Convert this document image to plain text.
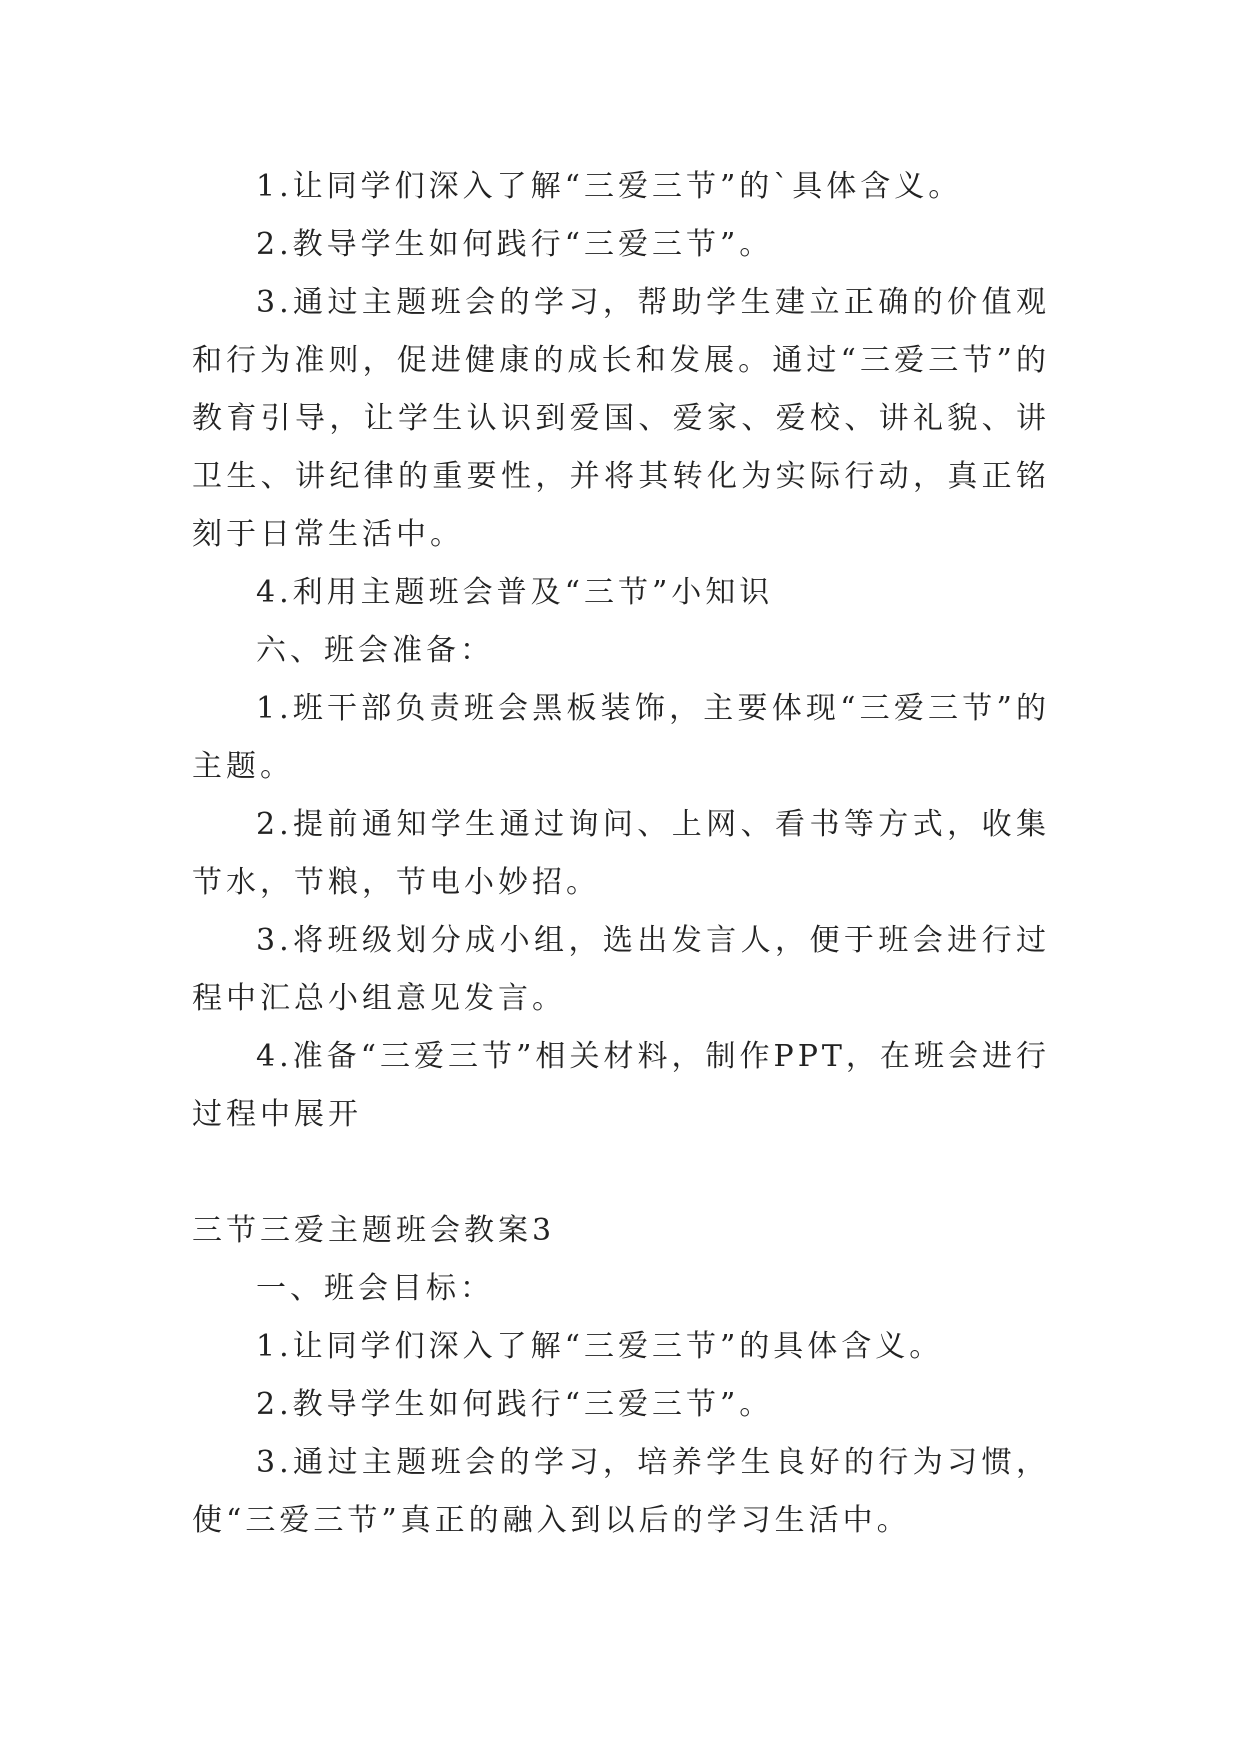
1.让同学们深入了解“三爱三节”的`具体含义。

2.教导学生如何践行“三爱三节”。

3.通过主题班会的学习，帮助学生建立正确的价值观和行为准则，促进健康的成长和发展。通过“三爱三节”的教育引导，让学生认识到爱国、爱家、爱校、讲礼貌、讲卫生、讲纪律的重要性，并将其转化为实际行动，真正铭刻于日常生活中。

4.利用主题班会普及“三节”小知识

六、班会准备：

1.班干部负责班会黑板装饰，主要体现“三爱三节”的主题。

2.提前通知学生通过询问、上网、看书等方式，收集节水，节粮，节电小妙招。

3.将班级划分成小组，选出发言人，便于班会进行过程中汇总小组意见发言。

4.准备“三爱三节”相关材料，制作PPT，在班会进行过程中展开

三节三爱主题班会教案3

一、班会目标：

1.让同学们深入了解“三爱三节”的具体含义。

2.教导学生如何践行“三爱三节”。

3.通过主题班会的学习，培养学生良好的行为习惯，使“三爱三节”真正的融入到以后的学习生活中。
